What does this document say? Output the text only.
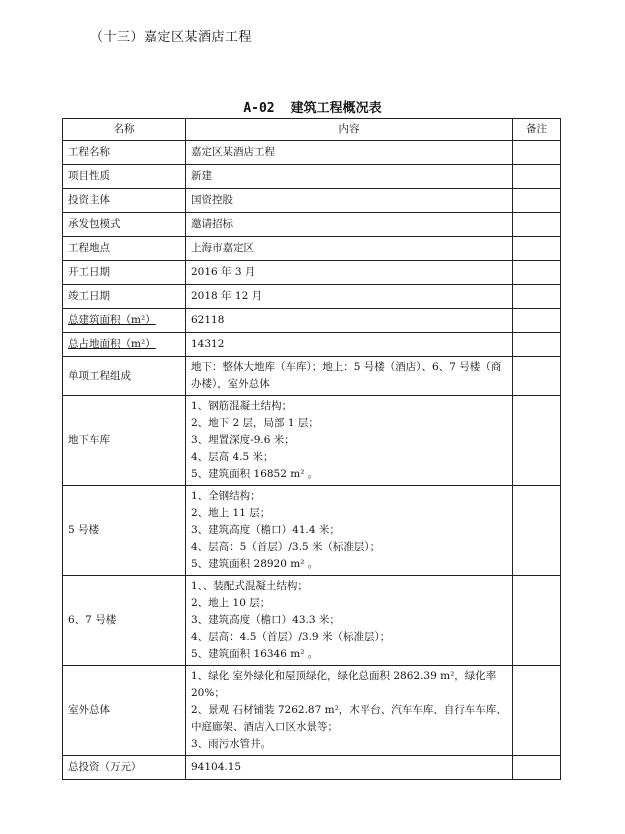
（十三）嘉定区某酒店工程
A-02 建筑工程概况表
名称	内容	备注
工程名称	嘉定区某酒店工程	
项目性质	新建	
投资主体	国资控股	
承发包模式	邀请招标	
工程地点	上海市嘉定区	
开工日期	2016 年 3 月	
竣工日期	2018 年 12 月	
总建筑面积（m²）	62118	
总占地面积（m²）	14312	
单项工程组成	地下：整体大地库（车库）；地上：5 号楼（酒店）、6、7 号楼（商
办楼），室外总体	

地下车库	1、钢筋混凝土结构；
2、地下 2 层，局部 1 层；
3、埋置深度-9.6 米；
4、层高 4.5 米；
5、建筑面积 16852 m² 。	

5 号楼	1、全钢结构；
2、地上 11 层；
3、建筑高度（檐口）41.4 米；
4、层高：5（首层）/3.5 米（标准层）；
5、建筑面积 28920 m² 。	

6、7 号楼	1、、装配式混凝土结构；
2、地上 10 层；
3、建筑高度（檐口）43.3 米；
4、层高：4.5（首层）/3.9 米（标准层）；
5、建筑面积 16346 m² 。	

室外总体	1、绿化 室外绿化和屋顶绿化，绿化总面积 2862.39 m²，绿化率
20%；
2、景观 石材铺装 7262.87 m²，木平台、汽车车库、自行车车库、
中庭廊架、酒店入口区水景等；
3、雨污水管井。	

总投资（万元）	94104.15	
